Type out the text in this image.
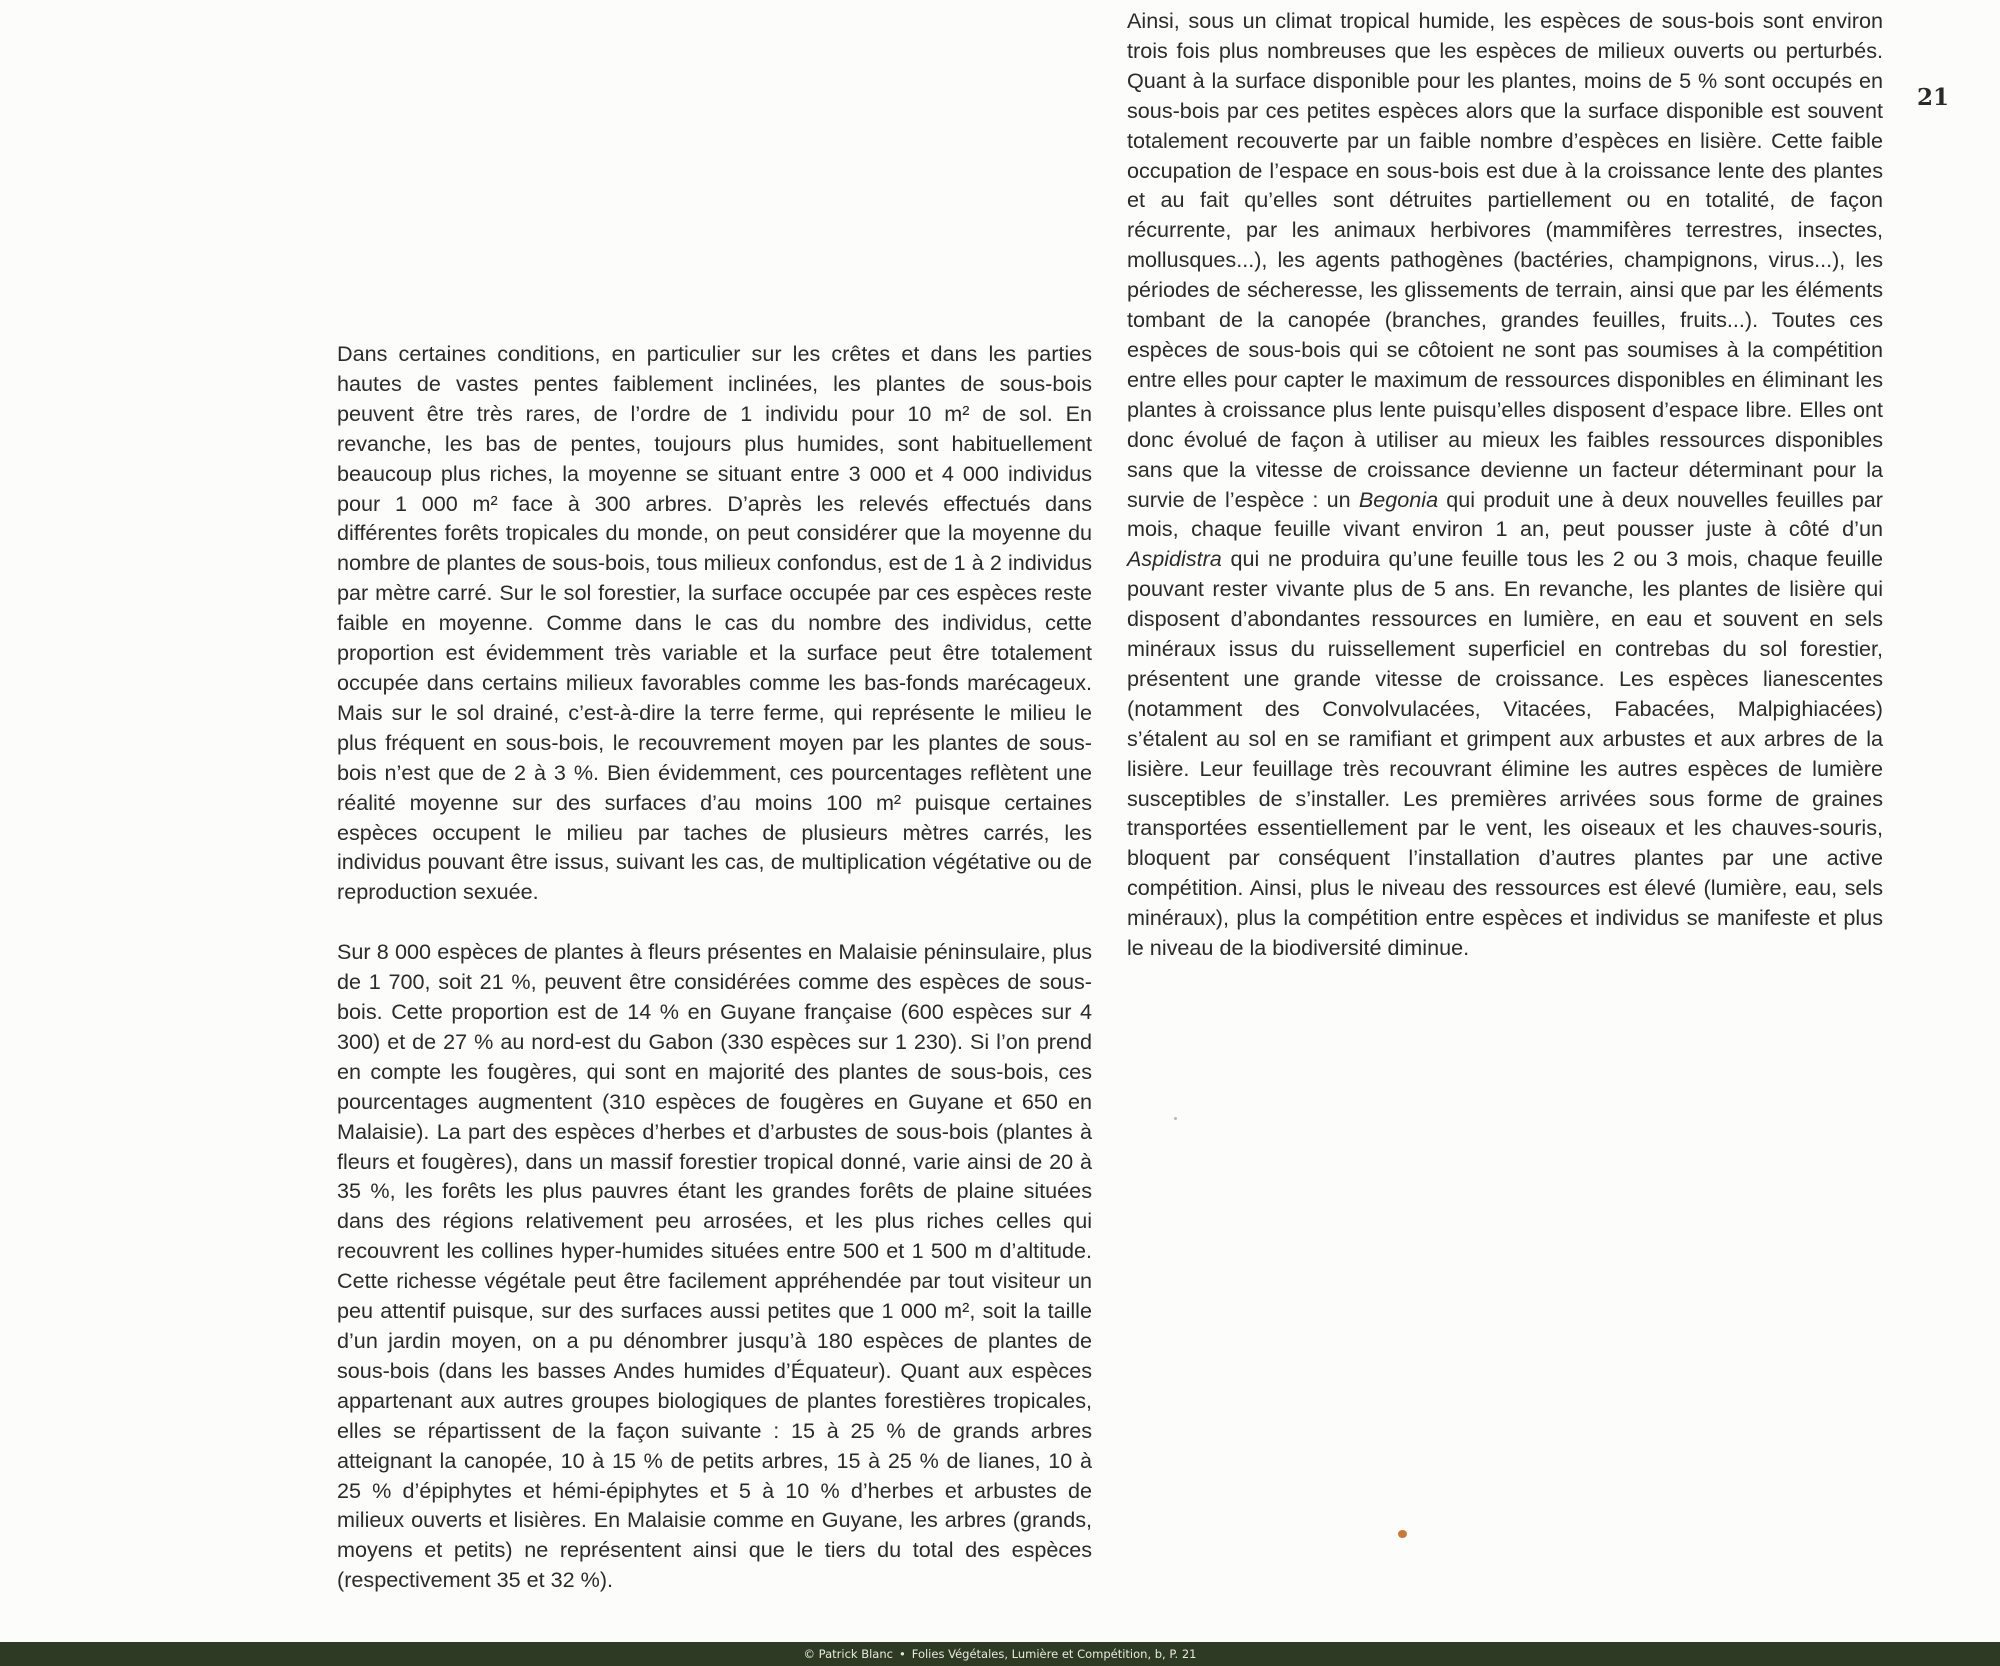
21

Dans certaines conditions, en particulier sur les crêtes et dans les parties hautes de vastes pentes faiblement inclinées, les plantes de sous-bois peuvent être très rares, de l’ordre de 1 individu pour 10 m² de sol. En revanche, les bas de pentes, toujours plus humides, sont habituellement beaucoup plus riches, la moyenne se situant entre 3 000 et 4 000 individus pour 1 000 m² face à 300 arbres. D’après les relevés effectués dans différentes forêts tropicales du monde, on peut considérer que la moyenne du nombre de plantes de sous-bois, tous milieux confondus, est de 1 à 2 individus par mètre carré. Sur le sol forestier, la surface occupée par ces espèces reste faible en moyenne. Comme dans le cas du nombre des individus, cette proportion est évidemment très variable et la surface peut être totalement occupée dans certains milieux favorables comme les bas-fonds marécageux. Mais sur le sol drainé, c’est-à-dire la terre ferme, qui représente le milieu le plus fréquent en sous-bois, le recouvrement moyen par les plantes de sous-bois n’est que de 2 à 3 %. Bien évidemment, ces pourcentages reflètent une réalité moyenne sur des surfaces d’au moins 100 m² puisque certaines espèces occupent le milieu par taches de plusieurs mètres carrés, les individus pouvant être issus, suivant les cas, de multiplication végétative ou de reproduction sexuée.

Sur 8 000 espèces de plantes à fleurs présentes en Malaisie péninsulaire, plus de 1 700, soit 21 %, peuvent être considérées comme des espèces de sous-bois. Cette proportion est de 14 % en Guyane française (600 espèces sur 4 300) et de 27 % au nord-est du Gabon (330 espèces sur 1 230). Si l’on prend en compte les fougères, qui sont en majorité des plantes de sous-bois, ces pourcentages augmentent (310 espèces de fougères en Guyane et 650 en Malaisie). La part des espèces d’herbes et d’arbustes de sous-bois (plantes à fleurs et fougères), dans un massif forestier tropical donné, varie ainsi de 20 à 35 %, les forêts les plus pauvres étant les grandes forêts de plaine situées dans des régions relativement peu arrosées, et les plus riches celles qui recouvrent les collines hyper-humides situées entre 500 et 1 500 m d’altitude. Cette richesse végétale peut être facilement appréhendée par tout visiteur un peu attentif puisque, sur des surfaces aussi petites que 1 000 m², soit la taille d’un jardin moyen, on a pu dénombrer jusqu’à 180 espèces de plantes de sous-bois (dans les basses Andes humides d’Équateur). Quant aux espèces appartenant aux autres groupes biologiques de plantes forestières tropicales, elles se répartissent de la façon suivante : 15 à 25 % de grands arbres atteignant la canopée, 10 à 15 % de petits arbres, 15 à 25 % de lianes, 10 à 25 % d’épiphytes et hémi-épiphytes et 5 à 10 % d’herbes et arbustes de milieux ouverts et lisières. En Malaisie comme en Guyane, les arbres (grands, moyens et petits) ne représentent ainsi que le tiers du total des espèces (respectivement 35 et 32 %).

Ainsi, sous un climat tropical humide, les espèces de sous-bois sont environ trois fois plus nombreuses que les espèces de milieux ouverts ou perturbés. Quant à la surface disponible pour les plantes, moins de 5 % sont occupés en sous-bois par ces petites espèces alors que la surface disponible est souvent totalement recouverte par un faible nombre d’espèces en lisière. Cette faible occupation de l’espace en sous-bois est due à la croissance lente des plantes et au fait qu’elles sont détruites partiellement ou en totalité, de façon récurrente, par les animaux herbivores (mammifères terrestres, insectes, mollusques...), les agents pathogènes (bactéries, champignons, virus...), les périodes de sécheresse, les glissements de terrain, ainsi que par les éléments tombant de la canopée (branches, grandes feuilles, fruits...). Toutes ces espèces de sous-bois qui se côtoient ne sont pas soumises à la compétition entre elles pour capter le maximum de ressources disponibles en éliminant les plantes à croissance plus lente puisqu’elles disposent d’espace libre. Elles ont donc évolué de façon à utiliser au mieux les faibles ressources disponibles sans que la vitesse de croissance devienne un facteur déterminant pour la survie de l’espèce : un Begonia qui produit une à deux nouvelles feuilles par mois, chaque feuille vivant environ 1 an, peut pousser juste à côté d’un Aspidistra qui ne produira qu’une feuille tous les 2 ou 3 mois, chaque feuille pouvant rester vivante plus de 5 ans. En revanche, les plantes de lisière qui disposent d’abondantes ressources en lumière, en eau et souvent en sels minéraux issus du ruissellement superficiel en contrebas du sol forestier, présentent une grande vitesse de croissance. Les espèces lianescentes (notamment des Convolvulacées, Vitacées, Fabacées, Malpighiacées) s’étalent au sol en se ramifiant et grimpent aux arbustes et aux arbres de la lisière. Leur feuillage très recouvrant élimine les autres espèces de lumière susceptibles de s’installer. Les premières arrivées sous forme de graines transportées essentiellement par le vent, les oiseaux et les chauves-souris, bloquent par conséquent l’installation d’autres plantes par une active compétition. Ainsi, plus le niveau des ressources est élevé (lumière, eau, sels minéraux), plus la compétition entre espèces et individus se manifeste et plus le niveau de la biodiversité diminue.

© Patrick Blanc • Folies Végétales, Lumière et Compétition, b, P. 21
